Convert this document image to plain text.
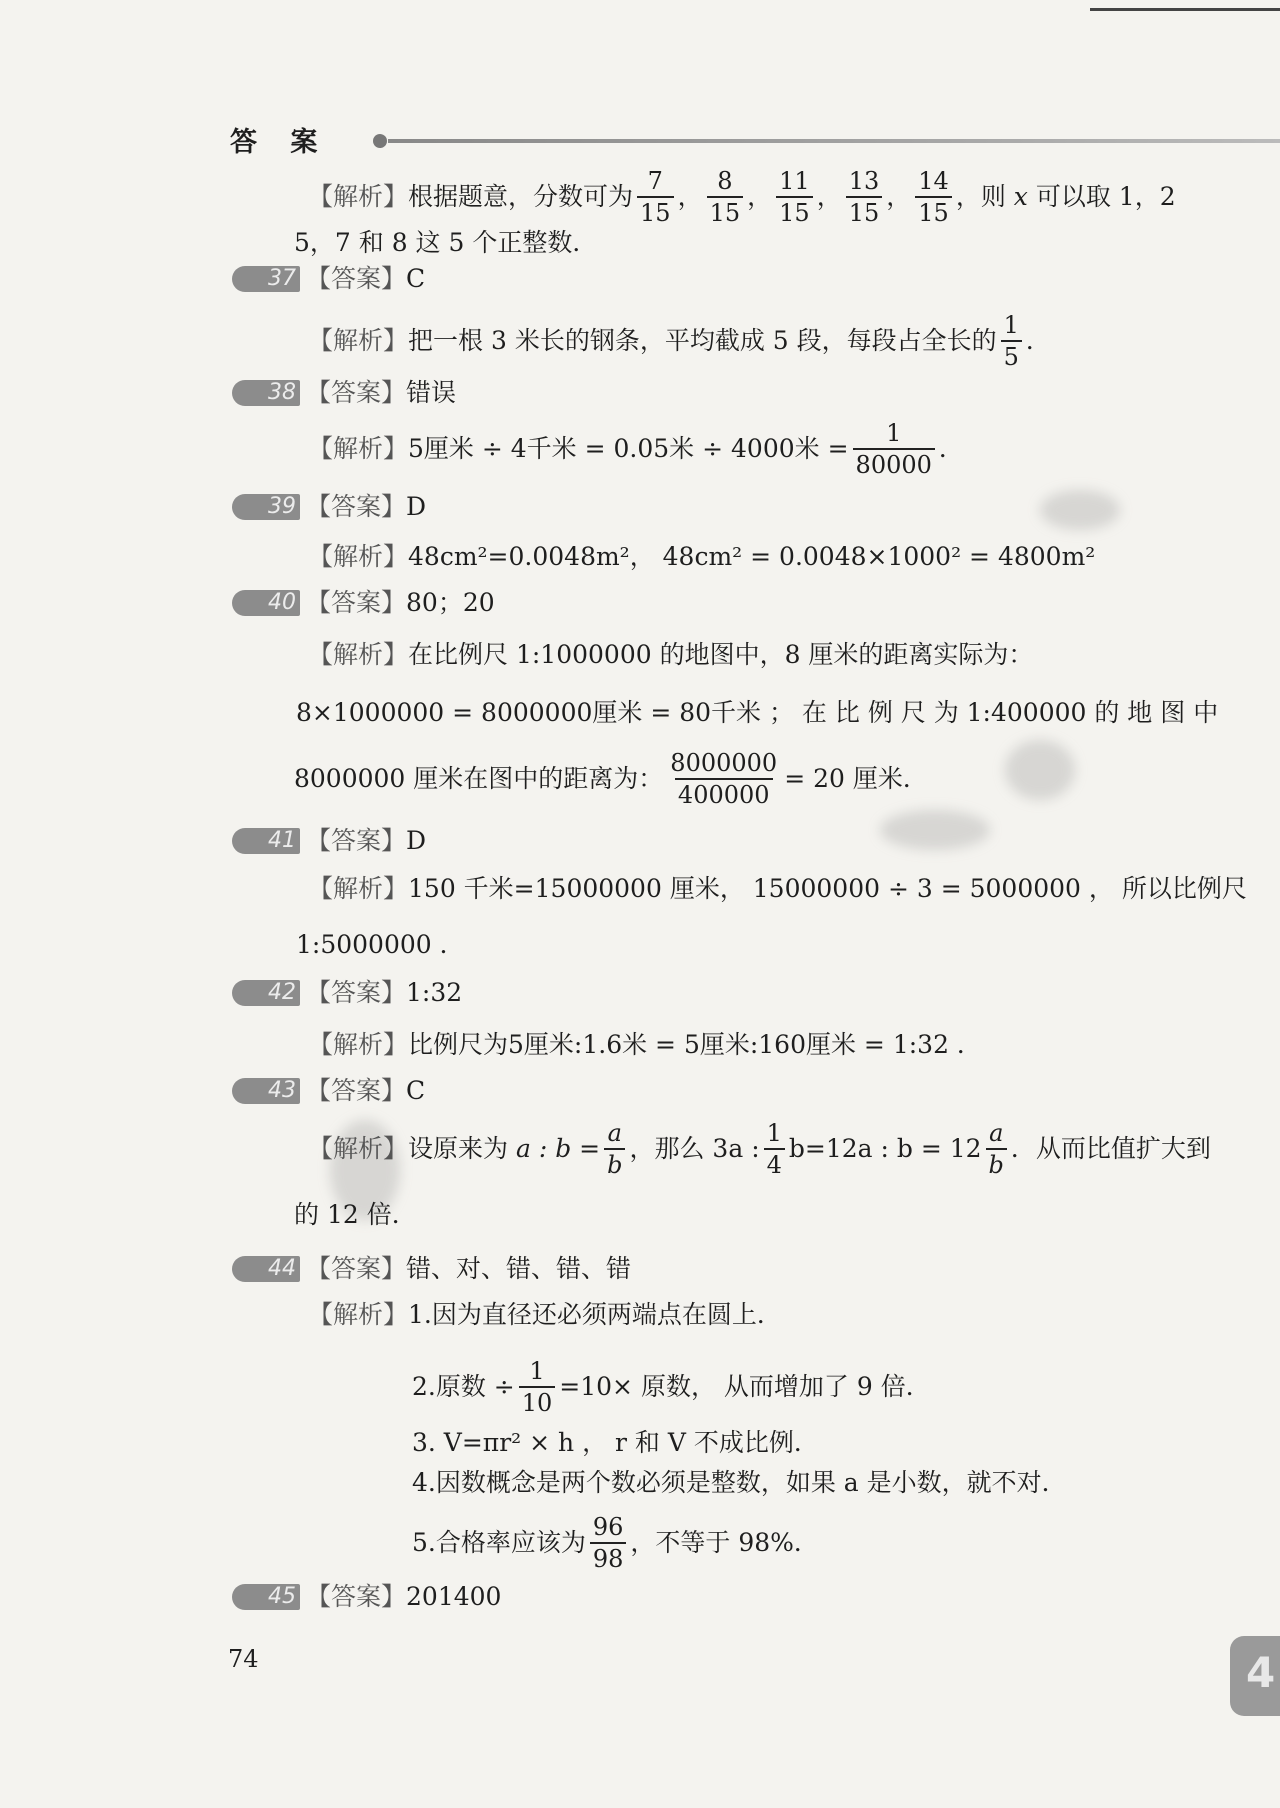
答 案
【解析】 根据题意，分数可为 $\frac{7}{15}$ ， $\frac{8}{15}$ ， $\frac{11}{15}$ ， $\frac{13}{15}$ ， $\frac{14}{15}$ ，则
x
可以取 1，2
5，7 和 8 这 5 个正整数．
37 【答案】 C
【解析】 把一根 3 米长的钢条，平均截成 5 段，每段占全长的 $\frac{1}{5}$ ．
38 【答案】 错误
【解析】 5厘米 ÷ 4千米 = 0.05米 ÷ 4000米 = $\frac{1}{80000}$ ．
39 【答案】 D
【解析】 48cm²=0.0048m²， 48cm² = 0.0048×1000² = 4800m²
40 【答案】 80；20
【解析】 在比例尺 1:1000000 的地图中，8 厘米的距离实际为：
8×1000000 = 8000000厘米 = 80千米 ； 在 比 例 尺 为 1:400000 的 地 图 中
8000000 厘米在图中的距离为： $\frac{8000000}{400000} = 20$ 厘米．
41 【答案】 D
【解析】 150 千米=15000000 厘米， 15000000 ÷ 3 = 5000000 ， 所以比例尺
1:5000000 ．
42 【答案】 1:32
【解析】 比例尺为5厘米:1.6米 = 5厘米:160厘米 = 1:32 ．
43 【答案】 C
【解析】 设原来为
a : $b = \frac{a}{b}$ ，那么 3a : $\frac{1}{4} b=12a$ : $b = 12 \frac{a}{b}$ ．从而比值扩大到
的 12 倍．
44 【答案】 错、对、错、错、错
【解析】 1.因为直径还必须两端点在圆上．
2.原数 ÷ $\frac{1}{10} =10\times$ 原数， 从而增加了 9 倍．
3. V=πr² × h ， r 和 V 不成比例．
4.因数概念是两个数必须是整数，如果 a 是小数，就不对．
5.合格率应该为 $\frac{96}{98}$ ，不等于 98%．
45 【答案】 201400
74	4
